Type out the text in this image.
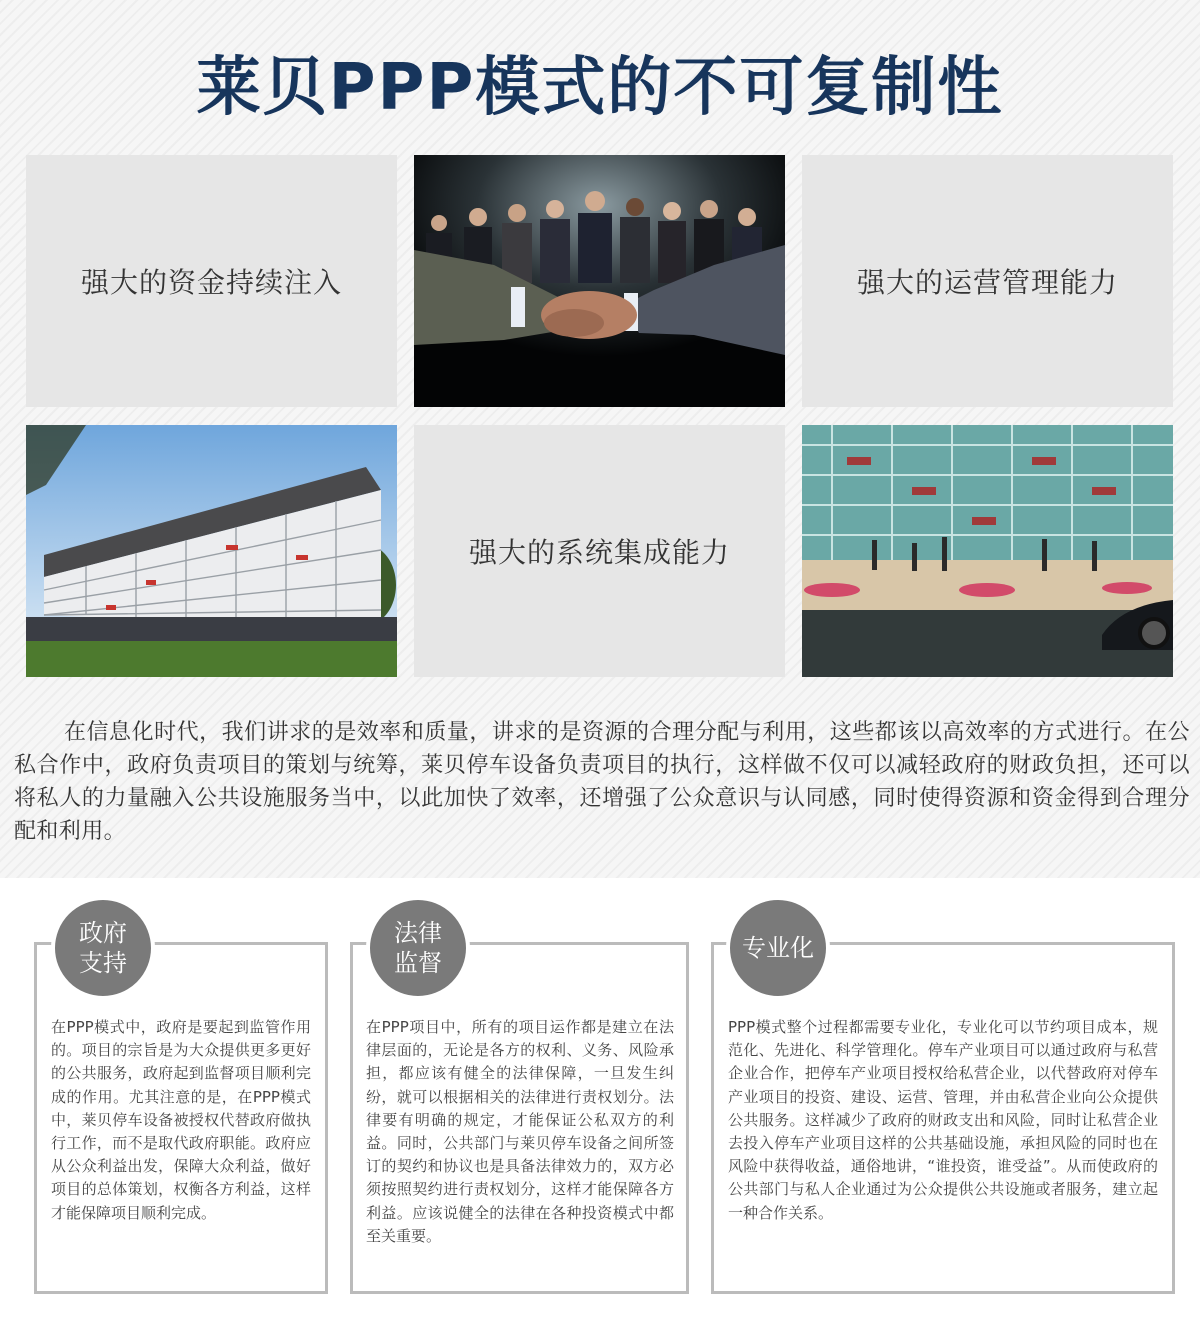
莱贝PPP模式的不可复制性
强大的资金持续注入	强大的运营管理能力
强大的系统集成能力

在信息化时代，我们讲求的是效率和质量，讲求的是资源的合理分配与利用，这些都该以高效率的方式进行。在公私合作中，政府负责项目的策划与统筹，莱贝停车设备负责项目的执行，这样做不仅可以减轻政府的财政负担，还可以将私人的力量融入公共设施服务当中，以此加快了效率，还增强了公众意识与认同感，同时使得资源和资金得到合理分配和利用。

政府
支持
在PPP模式中，政府是要起到监管作用的。项目的宗旨是为大众提供更多更好的公共服务，政府起到监督项目顺利完成的作用。尤其注意的是，在PPP模式中，莱贝停车设备被授权代替政府做执行工作，而不是取代政府职能。政府应从公众利益出发，保障大众利益，做好项目的总体策划，权衡各方利益，这样才能保障项目顺利完成。
法律
监督
在PPP项目中，所有的项目运作都是建立在法律层面的，无论是各方的权利、义务、风险承担，都应该有健全的法律保障，一旦发生纠纷，就可以根据相关的法律进行责权划分。法律要有明确的规定，才能保证公私双方的利益。同时，公共部门与莱贝停车设备之间所签订的契约和协议也是具备法律效力的，双方必须按照契约进行责权划分，这样才能保障各方利益。应该说健全的法律在各种投资模式中都至关重要。
专业化
PPP模式整个过程都需要专业化，专业化可以节约项目成本，规范化、先进化、科学管理化。停车产业项目可以通过政府与私营企业合作，把停车产业项目授权给私营企业，以代替政府对停车产业项目的投资、建设、运营、管理，并由私营企业向公众提供公共服务。这样减少了政府的财政支出和风险，同时让私营企业去投入停车产业项目这样的公共基础设施，承担风险的同时也在风险中获得收益，通俗地讲，“谁投资，谁受益”。从而使政府的公共部门与私人企业通过为公众提供公共设施或者服务，建立起一种合作关系。
